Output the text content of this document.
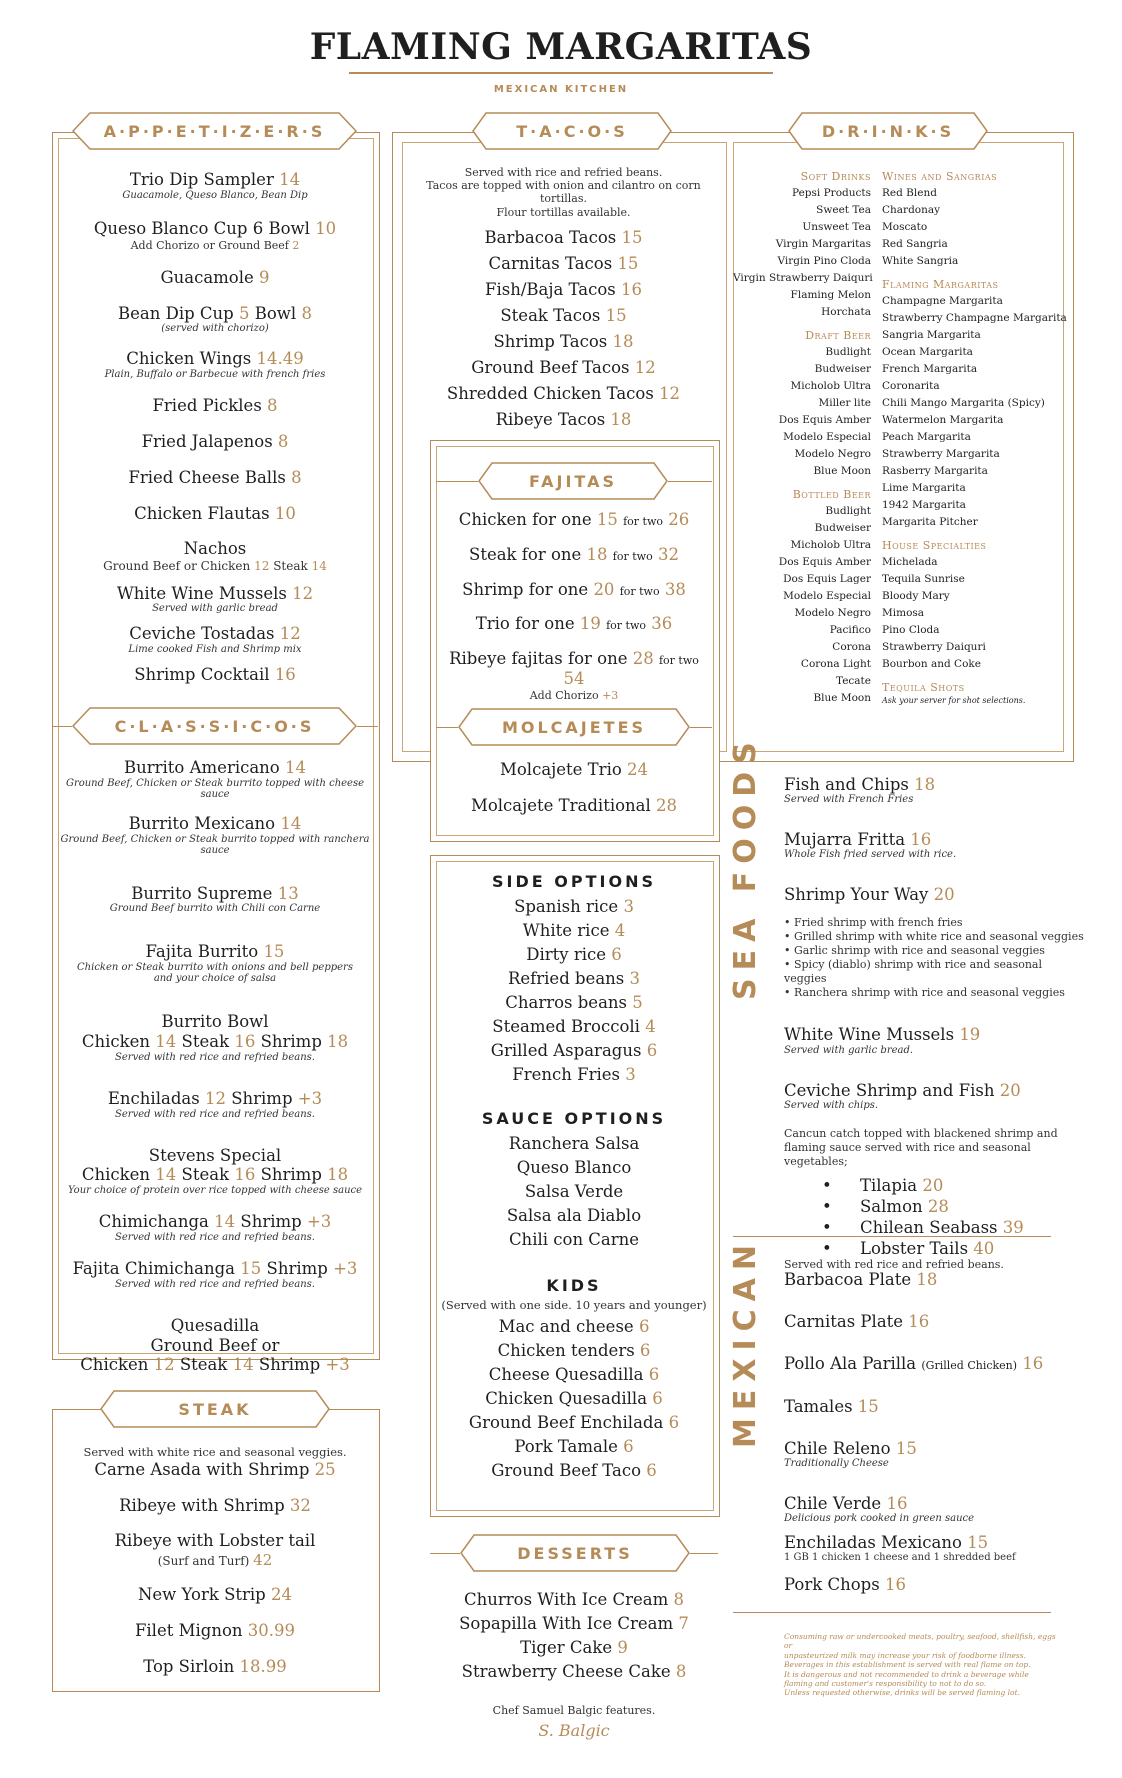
FLAMING MARGARITAS
MEXICAN KITCHEN
A·P·P·E·T·I·Z·E·R·S
Trio Dip Sampler 14
Guacamole, Queso Blanco, Bean Dip
Queso Blanco Cup 6 Bowl 10
Add Chorizo or Ground Beef 2
Guacamole 9
Bean Dip Cup 5 Bowl 8
(served with chorizo)
Chicken Wings 14.49
Plain, Buffalo or Barbecue with french fries
Fried Pickles 8
Fried Jalapenos 8
Fried Cheese Balls 8
Chicken Flautas 10
Nachos
Ground Beef or Chicken 12 Steak 14
White Wine Mussels 12
Served with garlic bread
Ceviche Tostadas 12
Lime cooked Fish and Shrimp mix
Shrimp Cocktail 16
C·L·A·S·S·I·C·O·S
Burrito Americano 14
Ground Beef, Chicken or Steak burrito topped with cheese sauce
Burrito Mexicano 14
Ground Beef, Chicken or Steak burrito topped with ranchera sauce
Burrito Supreme 13
Ground Beef burrito with Chili con Carne
Fajita Burrito 15
Chicken or Steak burrito with onions and bell peppers
and your choice of salsa
Burrito Bowl
Chicken 14 Steak 16 Shrimp 18
Served with red rice and refried beans.
Enchiladas 12 Shrimp +3
Served with red rice and refried beans.
Stevens Special
Chicken 14 Steak 16 Shrimp 18
Your choice of protein over rice topped with cheese sauce
Chimichanga 14 Shrimp +3
Served with red rice and refried beans.
Fajita Chimichanga 15 Shrimp +3
Served with red rice and refried beans.
Quesadilla
Ground Beef or
Chicken 12 Steak 14 Shrimp +3
STEAK
Served with white rice and seasonal veggies.
Carne Asada with Shrimp 25
Ribeye with Shrimp 32
Ribeye with Lobster tail
(Surf and Turf) 42
New York Strip 24
Filet Mignon 30.99
Top Sirloin 18.99
T·A·C·O·S
Served with rice and refried beans.
Tacos are topped with onion and cilantro on corn tortillas.
Flour tortillas available.
Barbacoa Tacos 15
Carnitas Tacos 15
Fish/Baja Tacos 16
Steak Tacos 15
Shrimp Tacos 18
Ground Beef Tacos 12
Shredded Chicken Tacos 12
Ribeye Tacos 18
FAJITAS
Chicken for one 15 for two 26
Steak for one 18 for two 32
Shrimp for one 20 for two 38
Trio for one 19 for two 36
Ribeye fajitas for one 28 for two 54
Add Chorizo +3
MOLCAJETES
Molcajete Trio 24
Molcajete Traditional 28
SIDE OPTIONS
Spanish rice 3
White rice 4
Dirty rice 6
Refried beans 3
Charros beans 5
Steamed Broccoli 4
Grilled Asparagus 6
French Fries 3
SAUCE OPTIONS
Ranchera Salsa
Queso Blanco
Salsa Verde
Salsa ala Diablo
Chili con Carne
KIDS
(Served with one side. 10 years and younger)
Mac and cheese 6
Chicken tenders 6
Cheese Quesadilla 6
Chicken Quesadilla 6
Ground Beef Enchilada 6
Pork Tamale 6
Ground Beef Taco 6
DESSERTS
Churros With Ice Cream 8
Sopapilla With Ice Cream 7
Tiger Cake 9
Strawberry Cheese Cake 8
Chef Samuel Balgic features.
S. Balgic
D·R·I·N·K·S
Soft Drinks
Pepsi Products
Sweet Tea
Unsweet Tea
Virgin Margaritas
Virgin Pino Cloda
Virgin Strawberry Daiquri
Flaming Melon
Horchata
Draft Beer
Budlight
Budweiser
Micholob Ultra
Miller lite
Dos Equis Amber
Modelo Especial
Modelo Negro
Blue Moon
Bottled Beer
Budlight
Budweiser
Micholob Ultra
Dos Equis Amber
Dos Equis Lager
Modelo Especial
Modelo Negro
Pacifico
Corona
Corona Light
Tecate
Blue Moon
Wines and Sangrias
Red Blend
Chardonay
Moscato
Red Sangria
White Sangria
Flaming Margaritas
Champagne Margarita
Strawberry Champagne Margarita
Sangria Margarita
Ocean Margarita
French Margarita
Coronarita
Chili Mango Margarita (Spicy)
Watermelon Margarita
Peach Margarita
Strawberry Margarita
Rasberry Margarita
Lime Margarita
1942 Margarita
Margarita Pitcher
House Specialties
Michelada
Tequila Sunrise
Bloody Mary
Mimosa
Pino Cloda
Strawberry Daiquri
Bourbon and Coke
Tequila Shots
Ask your server for shot selections.
SEA FOODS Fish and Chips 18
Served with French Fries
Mujarra Fritta 16
Whole Fish fried served with rice.
Shrimp Your Way 20
• Fried shrimp with french fries
• Grilled shrimp with white rice and seasonal veggies
• Garlic shrimp with rice and seasonal veggies
• Spicy (diablo) shrimp with rice and seasonal veggies
• Ranchera shrimp with rice and seasonal veggies
White Wine Mussels 19
Served with garlic bread.
Ceviche Shrimp and Fish 20
Served with chips.
Cancun catch topped with blackened shrimp and
flaming sauce served with rice and seasonal vegetables;
• Tilapia 20
• Salmon 28
• Chilean Seabass 39
• Lobster Tails 40
MEXICAN Served with red rice and refried beans.
Barbacoa Plate 18
Carnitas Plate 16
Pollo Ala Parilla (Grilled Chicken) 16
Tamales 15
Chile Releno 15
Traditionally Cheese
Chile Verde 16
Delicious pork cooked in green sauce
Enchiladas Mexicano 15
1 GB 1 chicken 1 cheese and 1 shredded beef
Pork Chops 16
Consuming raw or undercooked meats, poultry, seafood, shellfish, eggs or
unpasteurized milk may increase your risk of foodborne illness.
Beverages in this establishment is served with real flame on top.
It is dangerous and not recommended to drink a beverage while
flaming and customer's responsibility to not to do so.
Unless requested otherwise, drinks will be served flaming lot.
